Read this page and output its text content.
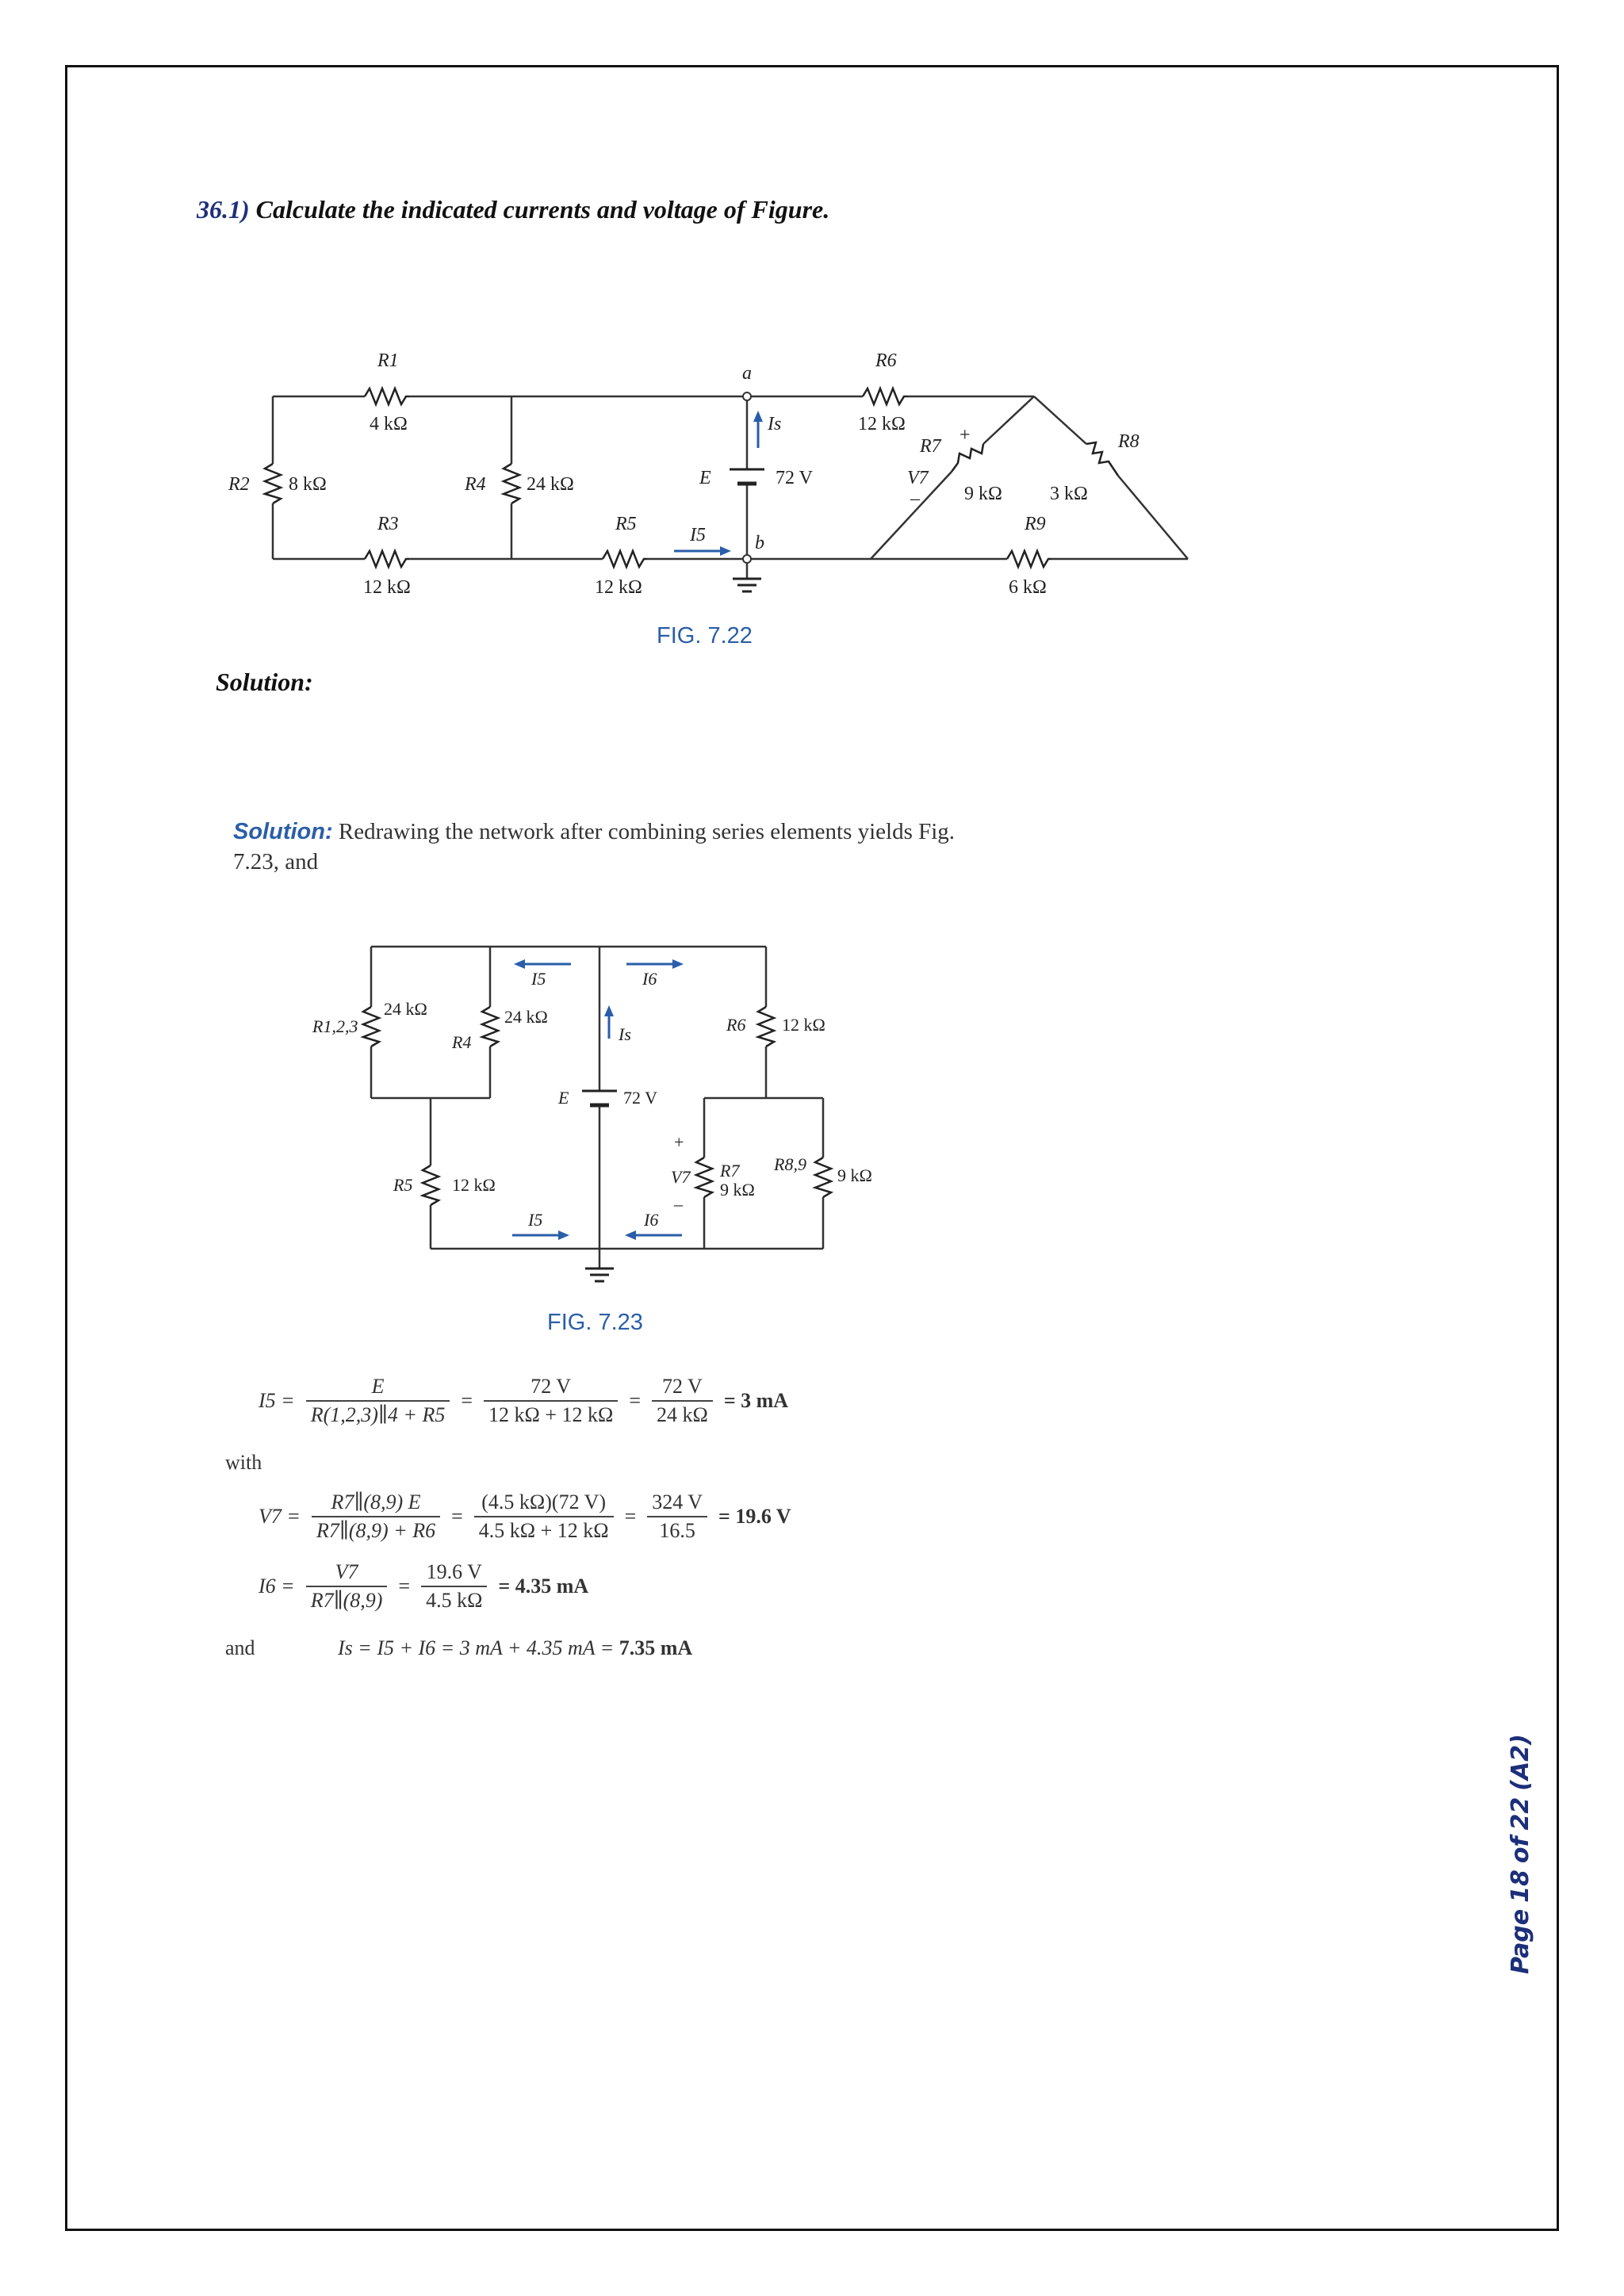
36.1) Calculate the indicated currents and voltage of Figure.
R1
4 kΩ
R2 8 kΩ
R3
12 kΩ
R4 24 kΩ
R5
12 kΩ
R6
12 kΩ
R7
9 kΩ
R8
3 kΩ
R9
6 kΩ
E	72 V
Is
I5
V7
+
–
a
b
FIG. 7.22
Solution:
Solution: Redrawing the network after combining series elements yields Fig. 7.23, and
R1,2,3
24 kΩ
R4
24 kΩ
R5 12 kΩ
R6 12 kΩ
R7
9 kΩ
R8,9
9 kΩ
E	72 V
I5	I6
Is
I5	I6
V7
+
–
FIG. 7.23
$I5 = \frac{E}{R(1,2,3)\parallel 4 + R5} = \frac{72 V}{12 k\Omega + 12 k\Omega} = \frac{72 V}{24 k\Omega} = 3$ mA
with
$V7 = \frac{R7\parallel(8,9) E}{R7\parallel(8,9) + R6} = \frac{(4.5 k\Omega)(72 V)}{4.5 k\Omega + 12 k\Omega} = \frac{324 V}{16.5} = 19.6$ V
$I6 = \frac{V7}{R7\parallel(8,9)} = \frac{19.6 V}{4.5 k\Omega} = 4.35$ mA
and	Is = I5 + I6 = 3 mA + 4.35 mA = 7.35 mA
Page18of22(A2)
